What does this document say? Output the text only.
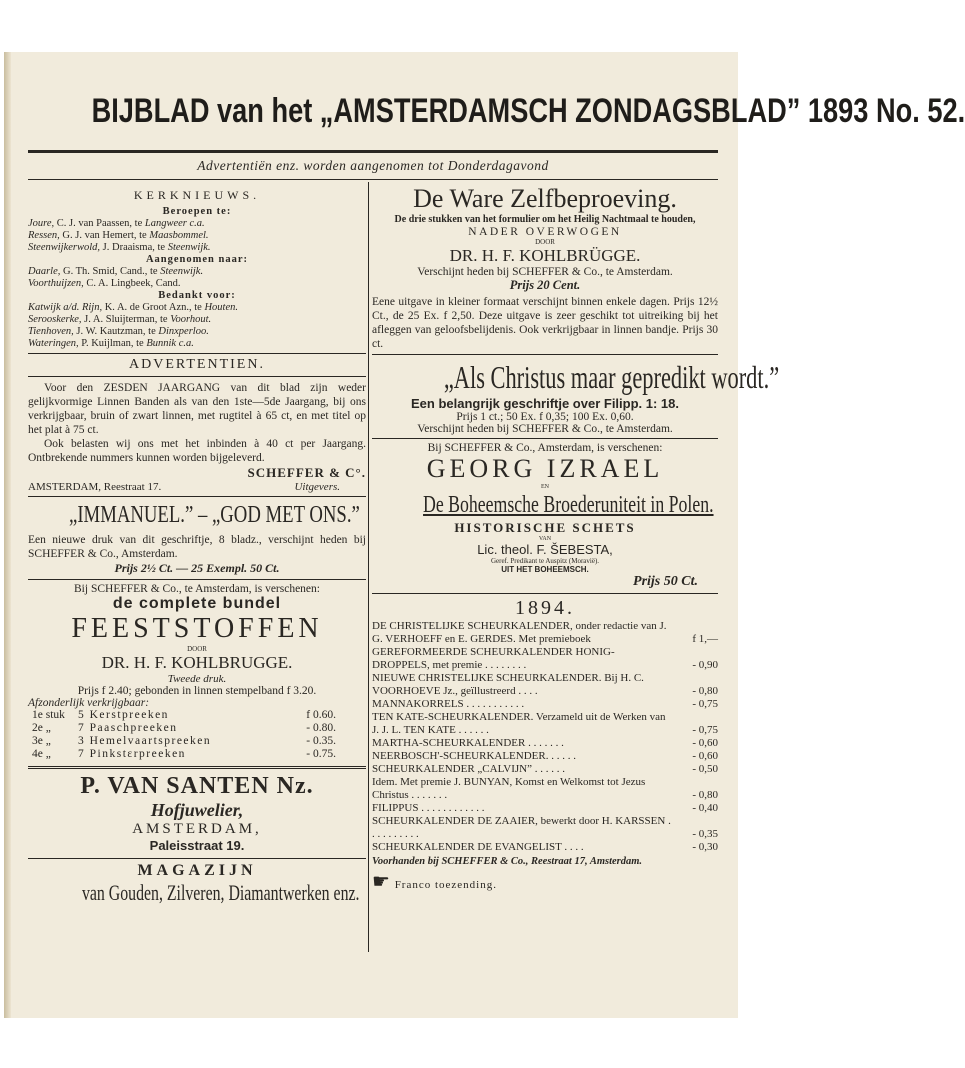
BIJBLAD van het „AMSTERDAMSCH ZONDAGSBLAD” 1893 No. 52.
Advertentiën enz. worden aangenomen tot Donderdagavond
KERKNIEUWS.
Beroepen te:
Joure, C. J. van Paassen, te Langweer c.a.
Ressen, G. J. van Hemert, te Maasbommel.
Steenwijkerwold, J. Draaisma, te Steenwijk.
Aangenomen naar:
Daarle, G. Th. Smid, Cand., te Steenwijk.
Voorthuijzen, C. A. Lingbeek, Cand.
Bedankt voor:
Katwijk a/d. Rijn, K. A. de Groot Azn., te Houten.
Serooskerke, J. A. Sluijterman, te Voorhout.
Tienhoven, J. W. Kautzman, te Dinxperloo.
Wateringen, P. Kuijlman, te Bunnik c.a.
ADVERTENTIEN.
Voor den ZESDEN JAARGANG van dit blad zijn weder gelijkvormige Linnen Banden als van den 1ste—5de Jaargang, bij ons verkrijgbaar, bruin of zwart linnen, met rugtitel à 65 ct, en met titel op het plat à 75 ct.
Ook belasten wij ons met het inbinden à 40 ct per Jaargang. Ontbrekende nummers kunnen worden bijgeleverd.
SCHEFFER & C°.
AMSTERDAM, Reestraat 17.	Uitgevers.
„IMMANUEL.” – „GOD MET ONS.”
Een nieuwe druk van dit geschriftje, 8 bladz., verschijnt heden bij SCHEFFER & Co., Amsterdam.
Prijs 2½ Ct. — 25 Exempl. 50 Ct.
Bij SCHEFFER & Co., te Amsterdam, is verschenen:
de complete bundel
FEESTSTOFFEN
DOOR
DR. H. F. KOHLBRUGGE.
Tweede druk.
Prijs f 2.40; gebonden in linnen stempelband f 3.20.
Afzonderlijk verkrijgbaar:
1e stuk	5 Kerstpreeken	f 0.60.
2e „	7 Paaschpreeken	- 0.80.
3e „	3 Hemelvaartspreeken	- 0.35.
4e „	7 Pinkstεrpreeken	- 0.75.
P. VAN SANTEN Nz.
Hofjuwelier,
AMSTERDAM,
Paleisstraat 19.
MAGAZIJN
van Gouden, Zilveren, Diamantwerken enz.
De Ware Zelfbeproeving.
De drie stukken van het formulier om het Heilig Nachtmaal te houden,
NADER OVERWOGEN
DOOR
DR. H. F. KOHLBRÜGGE.
Verschijnt heden bij SCHEFFER & Co., te Amsterdam.
Prijs 20 Cent.
Eene uitgave in kleiner formaat verschijnt binnen enkele dagen. Prijs 12½ Ct., de 25 Ex. f 2,50. Deze uitgave is zeer geschikt tot uitreiking bij het afleggen van geloofsbelijdenis. Ook verkrijgbaar in linnen bandje. Prijs 30 ct.
„Als Christus maar gepredikt wordt.”
Een belangrijk geschriftje over Filipp. 1: 18.
Prijs 1 ct.; 50 Ex. f 0,35; 100 Ex. 0,60.
Verschijnt heden bij SCHEFFER & Co., te Amsterdam.
Bij SCHEFFER & Co., Amsterdam, is verschenen:
GEORG IZRAEL
EN
De Boheemsche Broederuniteit in Polen.
HISTORISCHE SCHETS
VAN
Lic. theol. F. ŠEBESTA,
Geref. Predikant te Auspitz (Moravië).
UIT HET BOHEEMSCH.
Prijs 50 Ct.
1894.
DE CHRISTELIJKE SCHEURKALENDER, onder redactie van J. G. VERHOEFF en E. GERDES. Met premieboek	f 1,—
GEREFORMEERDE SCHEURKALENDER HONIG-DROPPELS, met premie . . . . . . . .	- 0,90
NIEUWE CHRISTELIJKE SCHEURKALENDER. Bij H. C. VOORHOEVE Jz., geïllustreerd . . . .	- 0,80
MANNAKORRELS . . . . . . . . . . .	- 0,75
TEN KATE-SCHEURKALENDER. Verzameld uit de Werken van J. J. L. TEN KATE . . . . . .	- 0,75
MARTHA-SCHEURKALENDER . . . . . . .	- 0,60
NEERBOSCH'-SCHEURKALENDER. . . . . .	- 0,60
SCHEURKALENDER „CALVIJN” . . . . . .	- 0,50
Idem. Met premie J. BUNYAN, Komst en Welkomst tot Jezus Christus . . . . . . .	- 0,80
FILIPPUS . . . . . . . . . . . .	- 0,40
SCHEURKALENDER DE ZAAIER, bewerkt door H. KARSSEN . . . . . . . . . .	- 0,35
SCHEURKALENDER DE EVANGELIST . . . .	- 0,30
Voorhanden bij SCHEFFER & Co., Reestraat 17, Amsterdam.
☛ Franco toezending.
